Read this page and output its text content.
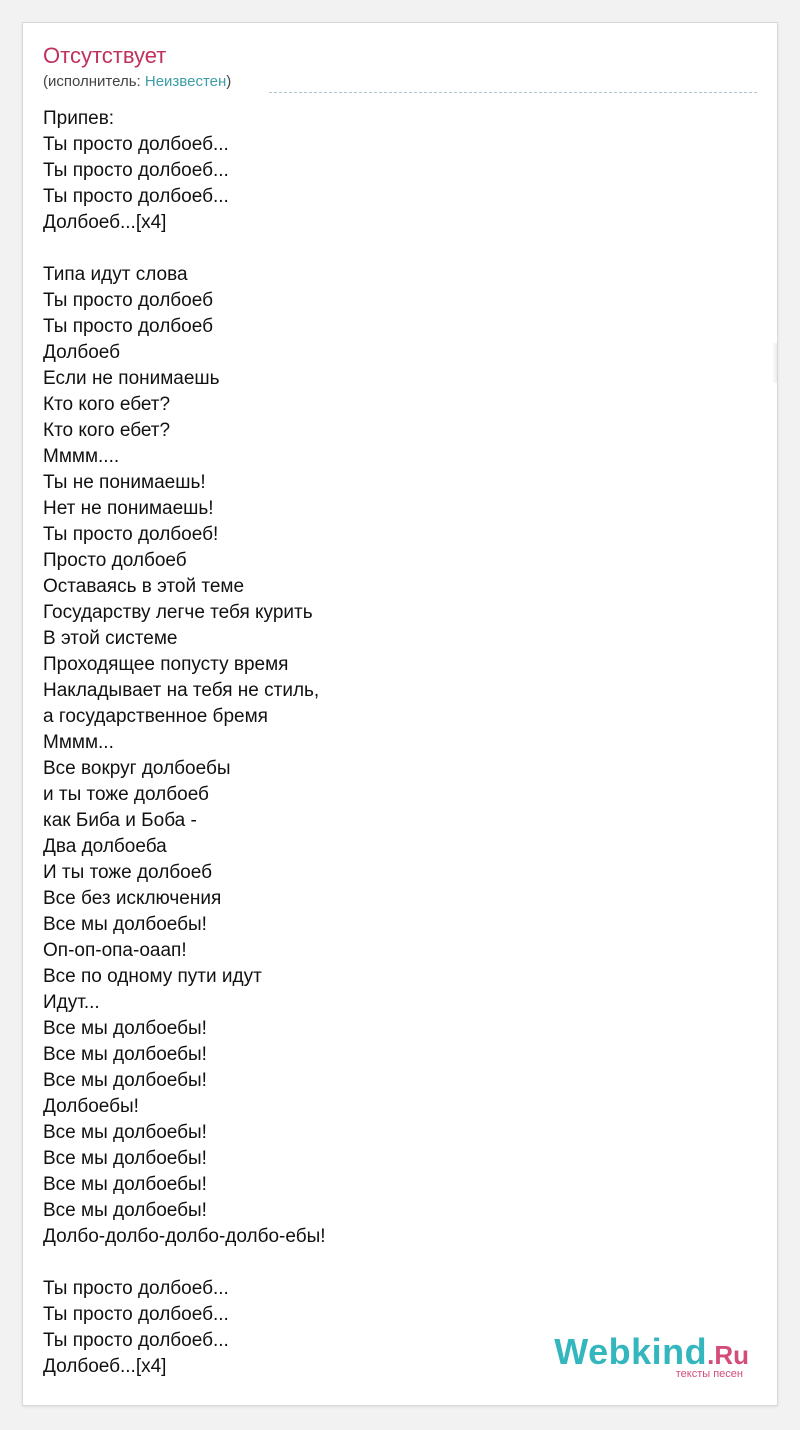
Отсутствует
(исполнитель: Неизвестен)
Припев:
Ты просто долбоеб...
Ты просто долбоеб...
Ты просто долбоеб...
Долбоеб...[x4]
Типа идут слова
Ты просто долбоеб
Ты просто долбоеб
Долбоеб
Если не понимаешь
Кто кого ебет?
Кто кого ебет?
Мммм....
Ты не понимаешь!
Нет не понимаешь!
Ты просто долбоеб!
Просто долбоеб
Оставаясь в этой теме
Государству легче тебя курить
В этой системе
Проходящее попусту время
Накладывает на тебя не стиль,
а государственное бремя
Мммм...
Все вокруг долбоебы
и ты тоже долбоеб
как Биба и Боба -
Два долбоеба
И ты тоже долбоеб
Все без исключения
Все мы долбоебы!
Оп-оп-опа-оаап!
Все по одному пути идут
Идут...
Все мы долбоебы!
Все мы долбоебы!
Все мы долбоебы!
Долбоебы!
Все мы долбоебы!
Все мы долбоебы!
Все мы долбоебы!
Все мы долбоебы!
Долбо-долбо-долбо-долбо-ебы!
Ты просто долбоеб...
Ты просто долбоеб...
Ты просто долбоеб...
Долбоеб...[x4]	Webkind.Ru
тексты песен
